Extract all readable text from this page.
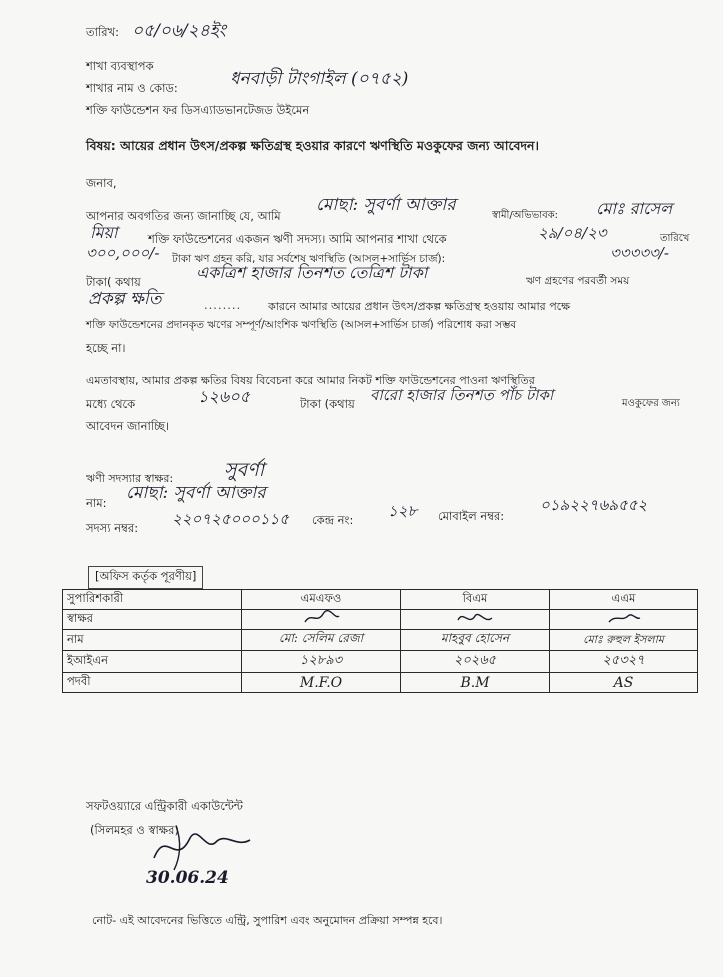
তারিখ: ০৫/০৬/২৪ইং
শাখা ব্যবস্থাপক
শাখার নাম ও কোড:	ধনবাড়ী টাংগাইল (০৭৫২)
শক্তি ফাউন্ডেশন ফর ডিসএ্যাডভানটেজড উইমেন
বিষয়: আয়ের প্রধান উৎস/প্রকল্প ক্ষতিগ্রস্থ হওয়ার কারণে ঋণস্থিতি মওকুফের জন্য আবেদন।
জনাব,
আপনার অবগতির জন্য জানাচ্ছি যে, আমি
মোছা: সুবর্ণা আক্তার
স্বামী/অভিভাবক: মোঃ রাসেল
মিয়া	শক্তি ফাউন্ডেশনের একজন ঋণী সদস্য। আমি আপনার শাখা থেকে	২৯/০৪/২৩	তারিখে
৩০০,০০০/- টাকা ঋণ গ্রহন করি, যার সর্বশেষ ঋণস্থিতি (আসল+সার্ভিস চার্জ):	৩৩৩৩৩/-
টাকা( কথায়	একত্রিশ হাজার তিনশত তেত্রিশ টাকা	ঋণ গ্রহণের পরবর্তী সময়
প্রকল্প ক্ষতি	........ কারনে আমার আয়ের প্রধান উৎস/প্রকল্প ক্ষতিগ্রস্থ হওয়ায় আমার পক্ষে
শক্তি ফাউন্ডেশনের প্রদানকৃত ঋণের সম্পূর্ণ/আংশিক ঋণস্থিতি (আসল+সার্ভিস চার্জ) পরিশোধ করা সম্ভব
হচ্ছে না।
এমতাবস্থায়, আমার প্রকল্প ক্ষতির বিষয় বিবেচনা করে আমার নিকট শক্তি ফাউন্ডেশনের পাওনা ঋণস্থিতির
মধ্যে থেকে	১২৬০৫	টাকা (কথায় বারো হাজার তিনশত পাঁচ টাকা	মওকুফের জন্য
আবেদন জানাচ্ছি।
ঋণী সদস্যার স্বাক্ষর:	সুবর্ণা
নাম: মোছা: সুবর্ণা আক্তার
সদস্য নম্বর: ২২০৭২৫০০০১১৫ কেন্দ্র নং: ১২৮ মোবাইল নম্বর:
০১৯২২৭৬৯৫৫২
[অফিস কর্তৃক পূরণীয়]
সুপারিশকারী	এমএফও	বিএম	এএম
স্বাক্ষর			
নাম	মো: সেলিম রেজা	মাহবুব হোসেন	মোঃ রুহুল ইসলাম
ইআইএন	১২৮৯৩	২০২৬৫	২৫৩২৭
পদবী	M.F.O	B.M	AS
সফটওয়্যারে এন্ট্রিকারী একাউন্টেন্ট
(সিলমহর ও স্বাক্ষর)
30.06.24
নোট- এই আবেদনের ভিত্তিতে এন্ট্রি, সুপারিশ এবং অনুমোদন প্রক্রিয়া সম্পন্ন হবে।
